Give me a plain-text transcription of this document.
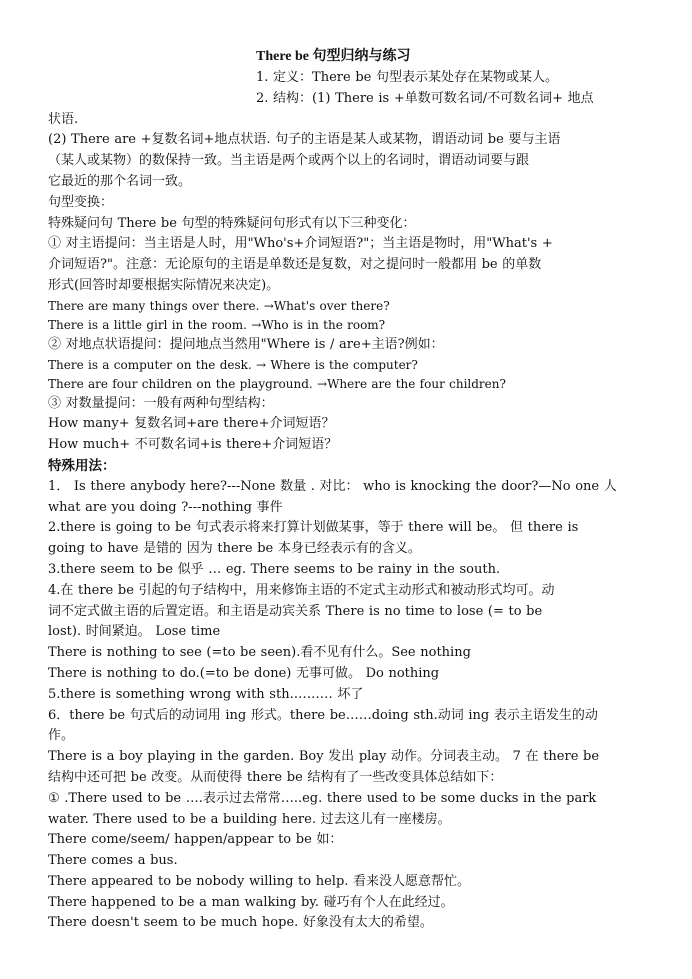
There be 句型归纳与练习
1. 定义：There be 句型表示某处存在某物或某人。
2. 结构：(1) There is +单数可数名词/不可数名词+ 地点
状语.
(2) There are +复数名词+地点状语. 句子的主语是某人或某物，谓语动词 be 要与主语
（某人或某物）的数保持一致。当主语是两个或两个以上的名词时，谓语动词要与跟
它最近的那个名词一致。
句型变换：
特殊疑问句 There be 句型的特殊疑问句形式有以下三种变化：
① 对主语提问：当主语是人时，用"Who's+介词短语?"；当主语是物时，用"What's +
介词短语?"。注意：无论原句的主语是单数还是复数，对之提问时一般都用 be 的单数
形式(回答时却要根据实际情况来决定)。
There are many things over there. →What's over there?
There is a little girl in the room. →Who is in the room?
② 对地点状语提问：提问地点当然用"Where is / are+主语?例如：
There is a computer on the desk. → Where is the computer?
There are four children on the playground. →Where are the four children?
③ 对数量提问：一般有两种句型结构：
How many+ 复数名词+are there+介词短语？
How much+ 不可数名词+is there+介词短语？
特殊用法：
1． Is there anybody here?---None 数量 . 对比： who is knocking the door?—No one 人
what are you doing ?---nothing 事件
2.there is going to be 句式表示将来打算计划做某事，等于 there will be。 但 there is
going to have 是错的 因为 there be 本身已经表示有的含义。
3.there seem to be 似乎 … eg. There seems to be rainy in the south.
4.在 there be 引起的句子结构中，用来修饰主语的不定式主动形式和被动形式均可。动
词不定式做主语的后置定语。和主语是动宾关系 There is no time to lose (= to be
lost). 时间紧迫。 Lose time
There is nothing to see (=to be seen).看不见有什么。See nothing
There is nothing to do.(=to be done) 无事可做。 Do nothing
5.there is something wrong with sth.……… 坏了
6．there be 句式后的动词用 ing 形式。there be……doing sth.动词 ing 表示主语发生的动
作。
There is a boy playing in the garden. Boy 发出 play 动作。分词表主动。 7 在 there be
结构中还可把 be 改变。从而使得 there be 结构有了一些改变具体总结如下：
① .There used to be ….表示过去常常…..eg. there used to be some ducks in the park
water. There used to be a building here. 过去这儿有一座楼房。
There come/seem/ happen/appear to be 如：
There comes a bus.
There appeared to be nobody willing to help. 看来没人愿意帮忙。
There happened to be a man walking by. 碰巧有个人在此经过。
There doesn't seem to be much hope. 好象没有太大的希望。
